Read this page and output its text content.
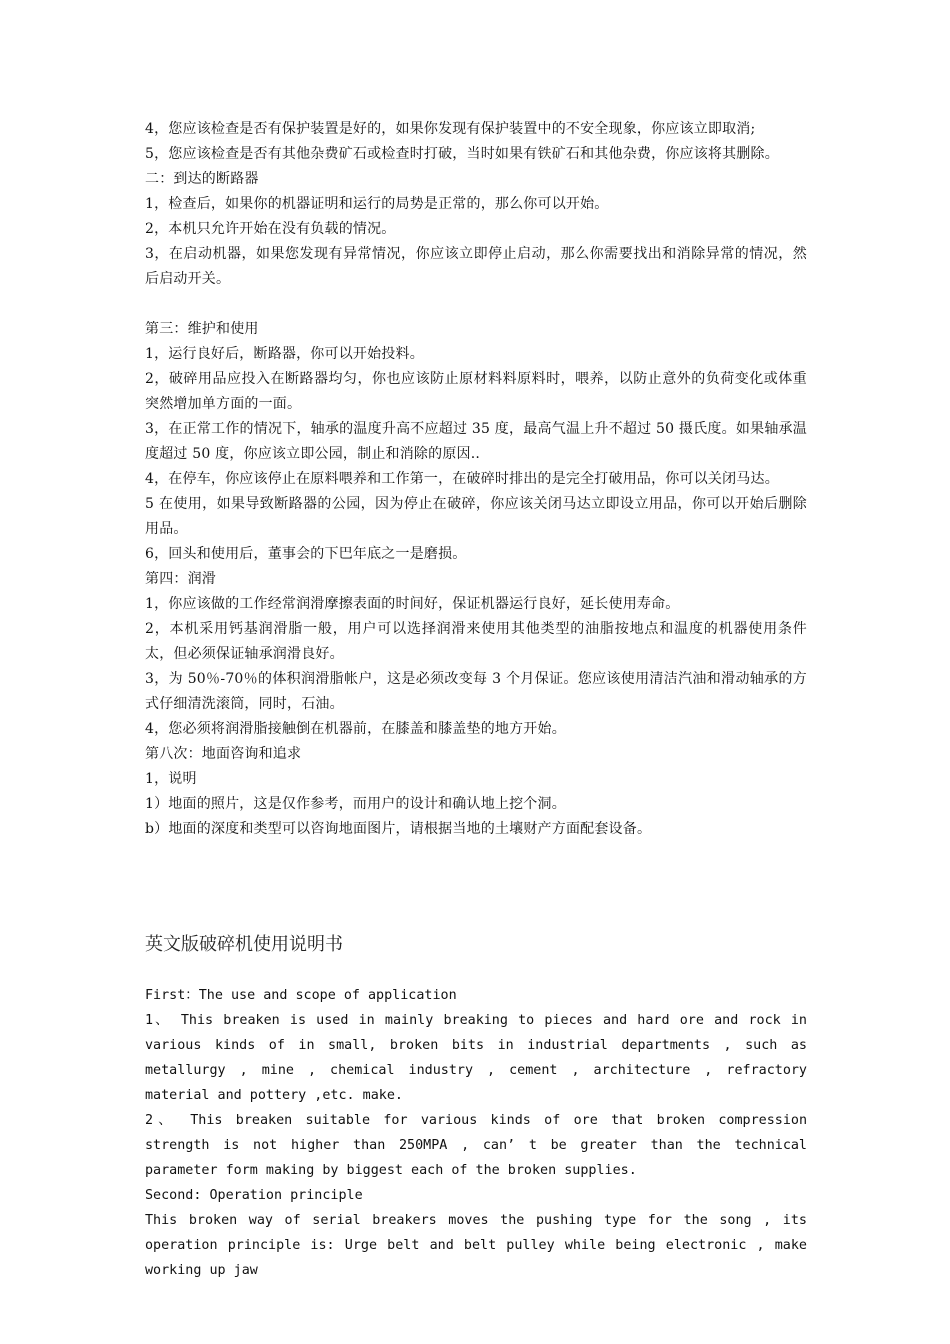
4，您应该检查是否有保护装置是好的，如果你发现有保护装置中的不安全现象，你应该立即取消;

5，您应该检查是否有其他杂费矿石或检查时打破，当时如果有铁矿石和其他杂费，你应该将其删除。

二：到达的断路器

1，检查后，如果你的机器证明和运行的局势是正常的，那么你可以开始。

2，本机只允许开始在没有负载的情况。

3，在启动机器，如果您发现有异常情况，你应该立即停止启动，那么你需要找出和消除异常的情况，然后启动开关。

第三：维护和使用

1，运行良好后，断路器，你可以开始投料。

2，破碎用品应投入在断路器均匀，你也应该防止原材料料原料时，喂养，以防止意外的负荷变化或体重突然增加单方面的一面。

3，在正常工作的情况下，轴承的温度升高不应超过 35 度，最高气温上升不超过 50 摄氏度。如果轴承温度超过 50 度，你应该立即公园，制止和消除的原因..

4，在停车，你应该停止在原料喂养和工作第一，在破碎时排出的是完全打破用品，你可以关闭马达。

5 在使用，如果导致断路器的公园，因为停止在破碎，你应该关闭马达立即设立用品，你可以开始后删除用品。

6，回头和使用后，董事会的下巴年底之一是磨损。

第四：润滑

1，你应该做的工作经常润滑摩擦表面的时间好，保证机器运行良好，延长使用寿命。

2，本机采用钙基润滑脂一般，用户可以选择润滑来使用其他类型的油脂按地点和温度的机器使用条件太，但必须保证轴承润滑良好。

3，为 50％-70％的体积润滑脂帐户，这是必须改变每 3 个月保证。您应该使用清洁汽油和滑动轴承的方式仔细清洗滚筒，同时，石油。

4，您必须将润滑脂接触倒在机器前，在膝盖和膝盖垫的地方开始。

第八次：地面咨询和追求

1，说明

1）地面的照片，这是仅作参考，而用户的设计和确认地上挖个洞。

b）地面的深度和类型可以咨询地面图片，请根据当地的土壤财产方面配套设备。

英文版破碎机使用说明书

First：The use and scope of application

1、 This breaken is used in mainly breaking to pieces and hard ore and rock in various kinds of in small, broken bits in industrial departments , such as metallurgy , mine , chemical industry , cement , architecture , refractory material and pottery ,etc. make.

2、 This breaken suitable for various kinds of ore that broken compression strength is not higher than 250MPA , can’ t be greater than the technical parameter form making by biggest each of the broken supplies.

Second: Operation principle

This broken way of serial breakers moves the pushing type for the song , its operation principle is: Urge belt and belt pulley while being electronic , make working up jaw
